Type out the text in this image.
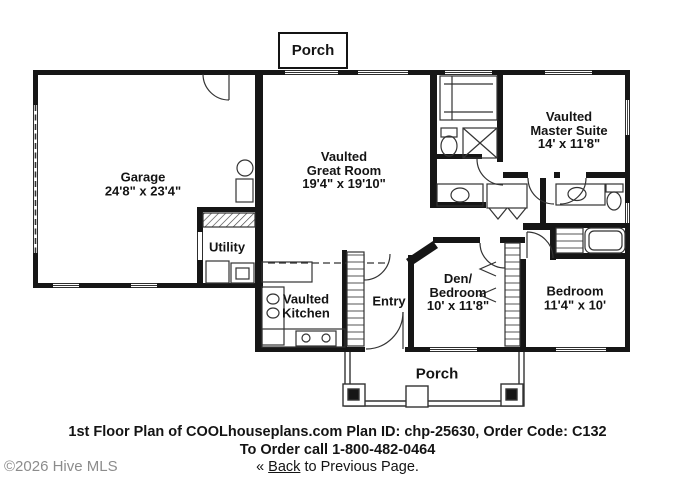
Porch
Garage
24'8" x 23'4"
Vaulted
Great Room
19'4" x 19'10"
Vaulted
Master Suite
14' x 11'8"
Utility
Vaulted
Kitchen
Entry
Den/
Bedroom
10' x 11'8"
Bedroom
11'4" x 10'
Porch
1st Floor Plan of COOLhouseplans.com Plan ID: chp-25630, Order Code: C132
To Order call 1-800-482-0464
« Back to Previous Page.
©2026 Hive MLS
